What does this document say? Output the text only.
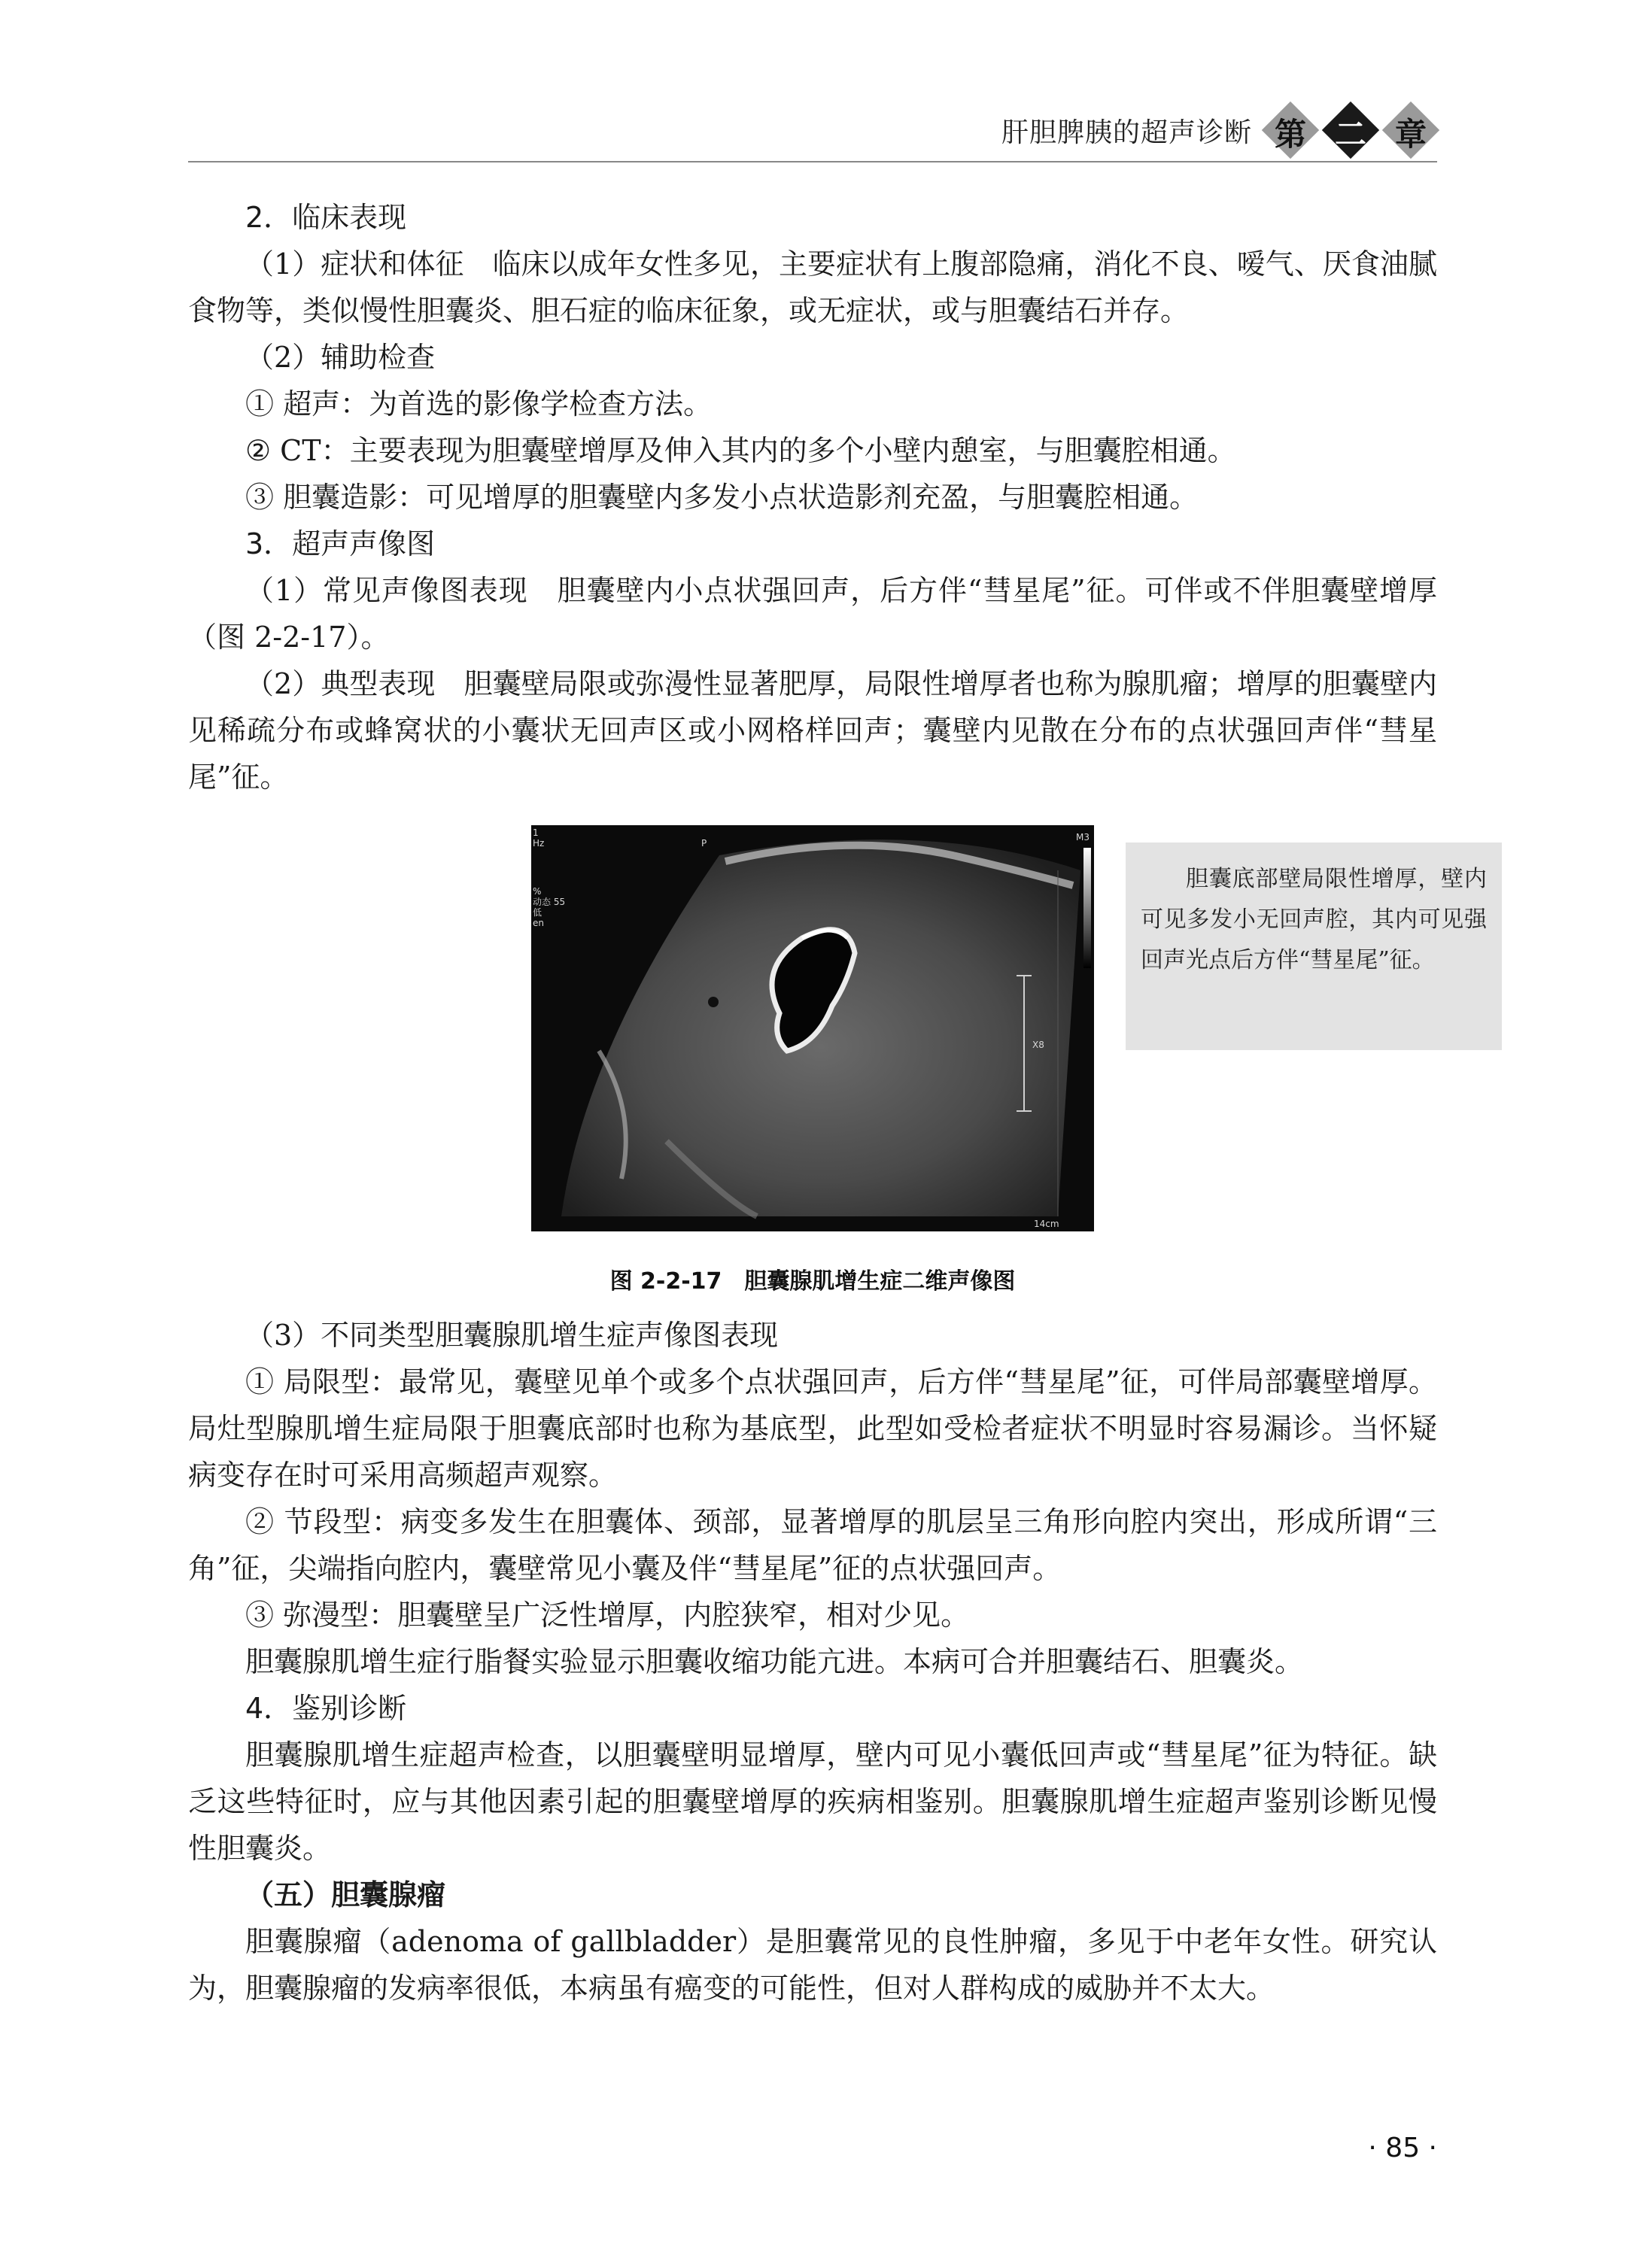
肝胆脾胰的超声诊断 第 二 章

2．临床表现

（1）症状和体征　临床以成年女性多见，主要症状有上腹部隐痛，消化不良、嗳气、厌食油腻食物等，类似慢性胆囊炎、胆石症的临床征象，或无症状，或与胆囊结石并存。

（2）辅助检查

① 超声：为首选的影像学检查方法。

② CT：主要表现为胆囊壁增厚及伸入其内的多个小壁内憩室，与胆囊腔相通。

③ 胆囊造影：可见增厚的胆囊壁内多发小点状造影剂充盈，与胆囊腔相通。

3．超声声像图

（1）常见声像图表现　胆囊壁内小点状强回声，后方伴“彗星尾”征。可伴或不伴胆囊壁增厚（图 2-2-17）。

（2）典型表现　胆囊壁局限或弥漫性显著肥厚，局限性增厚者也称为腺肌瘤；增厚的胆囊壁内见稀疏分布或蜂窝状的小囊状无回声区或小网格样回声；囊壁内见散在分布的点状强回声伴“彗星尾”征。

1
Hz
%
动态 55
低
en
P
M3
X8
14cm
胆囊底部壁局限性增厚，壁内可见多发小无回声腔，其内可见强回声光点后方伴“彗星尾”征。
图 2-2-17　胆囊腺肌增生症二维声像图

（3）不同类型胆囊腺肌增生症声像图表现

① 局限型：最常见，囊壁见单个或多个点状强回声，后方伴“彗星尾”征，可伴局部囊壁增厚。局灶型腺肌增生症局限于胆囊底部时也称为基底型，此型如受检者症状不明显时容易漏诊。当怀疑病变存在时可采用高频超声观察。

② 节段型：病变多发生在胆囊体、颈部，显著增厚的肌层呈三角形向腔内突出，形成所谓“三角”征，尖端指向腔内，囊壁常见小囊及伴“彗星尾”征的点状强回声。

③ 弥漫型：胆囊壁呈广泛性增厚，内腔狭窄，相对少见。

胆囊腺肌增生症行脂餐实验显示胆囊收缩功能亢进。本病可合并胆囊结石、胆囊炎。

4．鉴别诊断

胆囊腺肌增生症超声检查，以胆囊壁明显增厚，壁内可见小囊低回声或“彗星尾”征为特征。缺乏这些特征时，应与其他因素引起的胆囊壁增厚的疾病相鉴别。胆囊腺肌增生症超声鉴别诊断见慢性胆囊炎。

（五）胆囊腺瘤

胆囊腺瘤（adenoma of gallbladder）是胆囊常见的良性肿瘤，多见于中老年女性。研究认为，胆囊腺瘤的发病率很低，本病虽有癌变的可能性，但对人群构成的威胁并不太大。

· 85 ·
